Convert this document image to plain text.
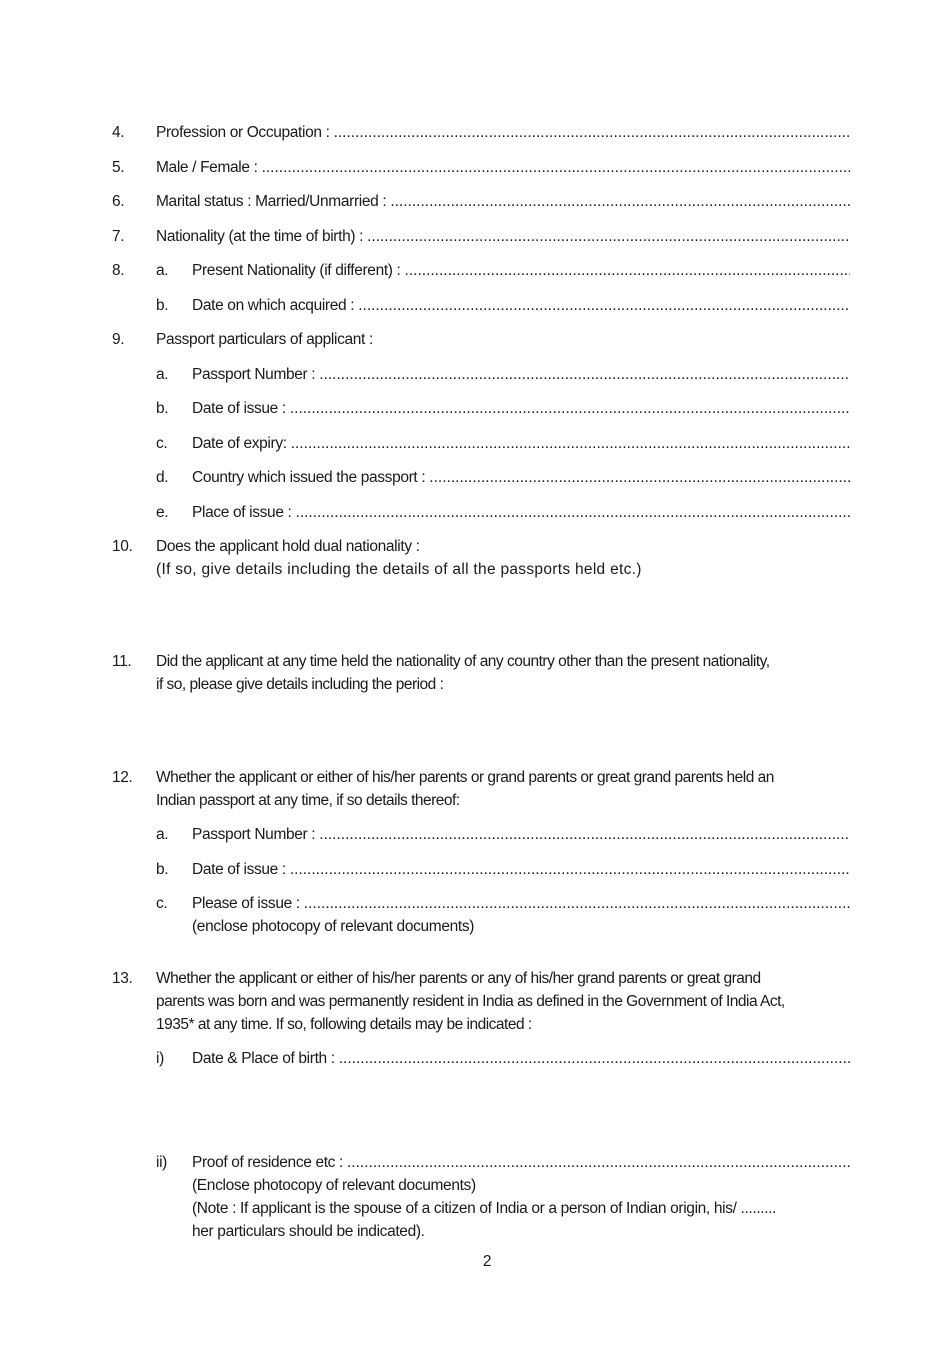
4. Profession or Occupation :
.....
5. Male / Female :
.....
6. Marital status : Married/Unmarried :
.....
7. Nationality (at the time of birth) :
.....
8. a. Present Nationality (if different) :
.....
b. Date on which acquired :
.....
9. Passport particulars of applicant :
a. Passport Number :
.....
b. Date of issue :
.....
c. Date of expiry:
.....
d. Country which issued the passport :
.....
e. Place of issue :
.....
10. Does the applicant hold dual nationality :
(If so, give details including the details of all the passports held etc.)
11. Did the applicant at any time held the nationality of any country other than the present nationality,
if so, please give details including the period :
12. Whether the applicant or either of his/her parents or grand parents or great grand parents held an
Indian passport at any time, if so details thereof:
a. Passport Number :
.....
b. Date of issue :
.....
c. Please of issue :
.....
(enclose photocopy of relevant documents)
13. Whether the applicant or either of his/her parents or any of his/her grand parents or great grand
parents was born and was permanently resident in India as defined in the Government of India Act,
1935* at any time. If so, following details may be indicated :
i) Date & Place of birth :
.....
ii) Proof of residence etc :
.....
(Enclose photocopy of relevant documents)
(Note : If applicant is the spouse of a citizen of India or a person of Indian origin, his/ .........
her particulars should be indicated).
2
